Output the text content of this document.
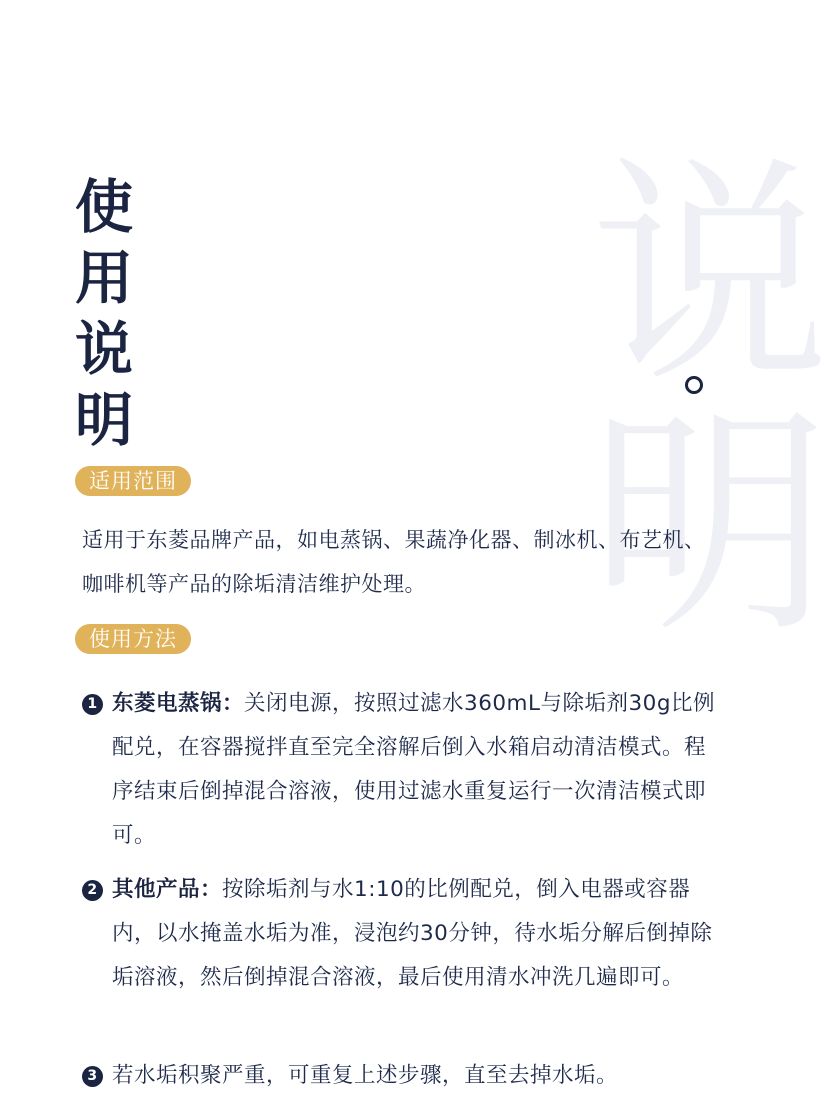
说
明
使
用
说
明
适用范围
适用于东菱品牌产品，如电蒸锅、果蔬净化器、制冰机、布艺机、咖啡机等产品的除垢清洁维护处理。
使用方法
1 东菱电蒸锅：关闭电源，按照过滤水360mL与除垢剂30g比例配兑，在容器搅拌直至完全溶解后倒入水箱启动清洁模式。程序结束后倒掉混合溶液，使用过滤水重复运行一次清洁模式即可。
2 其他产品：按除垢剂与水1:10的比例配兑，倒入电器或容器内，以水掩盖水垢为准，浸泡约30分钟，待水垢分解后倒掉除垢溶液，然后倒掉混合溶液，最后使用清水冲洗几遍即可。
3 若水垢积聚严重，可重复上述步骤，直至去掉水垢。
